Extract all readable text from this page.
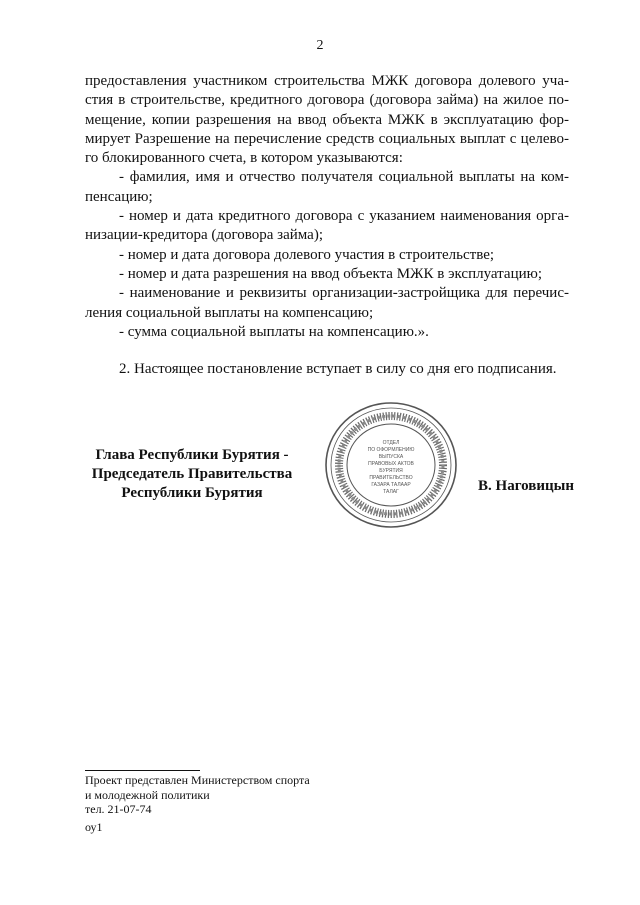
2

предоставления участником строительства МЖК договора долевого участия в строительстве, кредитного договора (договора займа) на жилое помещение, копии разрешения на ввод объекта МЖК в эксплуатацию формирует Разрешение на перечисление средств социальных выплат с целевого блокированного счета, в котором указываются:

- фамилия, имя и отчество получателя социальной выплаты на компенсацию;

- номер и дата кредитного договора с указанием наименования организации-кредитора (договора займа);

- номер и дата договора долевого участия в строительстве;

- номер и дата разрешения на ввод объекта МЖК в эксплуатацию;

- наименование и реквизиты организации-застройщика для перечисления социальной выплаты на компенсацию;

- сумма социальной выплаты на компенсацию.».

2. Настоящее постановление вступает в силу со дня его подписания.

Глава Республики Бурятия -
Председатель Правительства
Республики Бурятия
ОТДЕЛ
ПО ОФОРМЛЕНИЮ
ВЫПУСКА
ПРАВОВЫХ АКТОВ
БУРЯТИЯ
ПРАВИТЕЛЬСТВО
ГАЗАРА ТАЛААР
ТАЛАГ	В. Наговицын
Проект представлен Министерством спорта
и молодежной политики
тел. 21-07-74
оу1
